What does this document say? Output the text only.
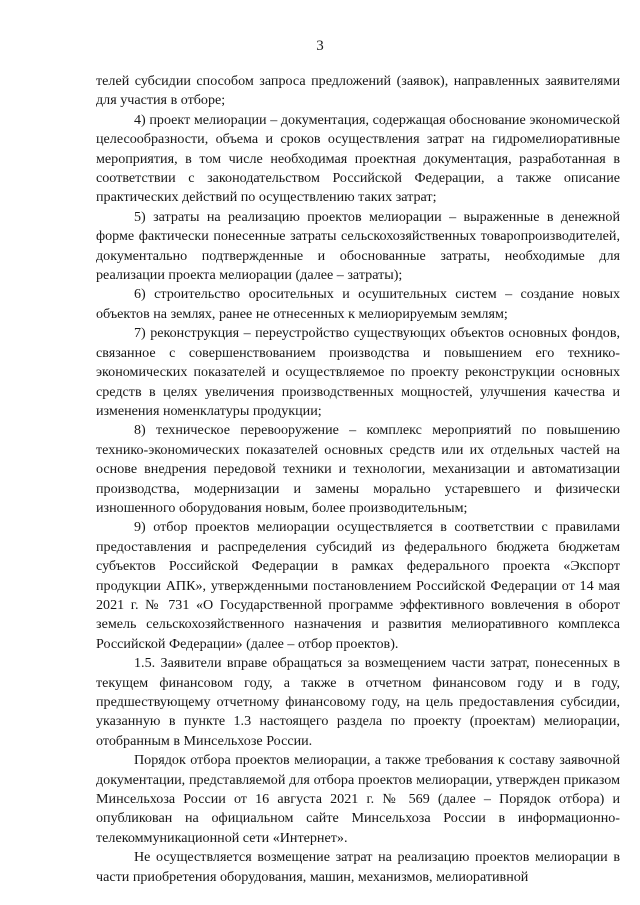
3

телей субсидии способом запроса предложений (заявок), направленных заявителями для участия в отборе;

4) проект мелиорации – документация, содержащая обоснование экономической целесообразности, объема и сроков осуществления затрат на гидромелиоративные мероприятия, в том числе необходимая проектная документация, разработанная в соответствии с законодательством Российской Федерации, а также описание практических действий по осуществлению таких затрат;

5) затраты на реализацию проектов мелиорации – выраженные в денежной форме фактически понесенные затраты сельскохозяйственных товаропроизводителей, документально подтвержденные и обоснованные затраты, необходимые для реализации проекта мелиорации (далее – затраты);

6) строительство оросительных и осушительных систем – создание новых объектов на землях, ранее не отнесенных к мелиорируемым землям;

7) реконструкция – переустройство существующих объектов основных фондов, связанное с совершенствованием производства и повышением его технико-экономических показателей и осуществляемое по проекту реконструкции основных средств в целях увеличения производственных мощностей, улучшения качества и изменения номенклатуры продукции;

8) техническое перевооружение – комплекс мероприятий по повышению технико-экономических показателей основных средств или их отдельных частей на основе внедрения передовой техники и технологии, механизации и автоматизации производства, модернизации и замены морально устаревшего и физически изношенного оборудования новым, более производительным;

9) отбор проектов мелиорации осуществляется в соответствии с правилами предоставления и распределения субсидий из федерального бюджета бюджетам субъектов Российской Федерации в рамках федерального проекта «Экспорт продукции АПК», утвержденными постановлением Российской Федерации от 14 мая 2021 г. № 731 «О Государственной программе эффективного вовлечения в оборот земель сельскохозяйственного назначения и развития мелиоративного комплекса Российской Федерации» (далее – отбор проектов).

1.5. Заявители вправе обращаться за возмещением части затрат, понесенных в текущем финансовом году, а также в отчетном финансовом году и в году, предшествующему отчетному финансовому году, на цель предоставления субсидии, указанную в пункте 1.3 настоящего раздела по проекту (проектам) мелиорации, отобранным в Минсельхозе России.

Порядок отбора проектов мелиорации, а также требования к составу заявочной документации, представляемой для отбора проектов мелиорации, утвержден приказом Минсельхоза России от 16 августа 2021 г. № 569 (далее – Порядок отбора) и опубликован на официальном сайте Минсельхоза России в информационно-телекоммуникационной сети «Интернет».

Не осуществляется возмещение затрат на реализацию проектов мелиорации в части приобретения оборудования, машин, механизмов, мелиоративной
